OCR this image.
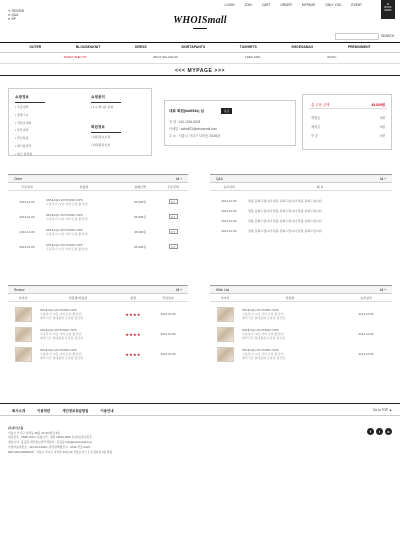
✎ REVIEW
✉ Q&A
♥ VIP
LOGIN	JOIN	CART	ORDER	MYPAGE	ONLY YOU	EVENT	★
BOOK
MARK
WHOISmall
SEARCH
OUTER	BLOUSE&KNIT	DRESS	SKIRT&PANTS	T&SHIRTS	SHOES&BAG	PREMIUMENT
TODAY SHIN TO	BEST SELLER 99	FREE SIZE	BASIC
<<< MYPAGE >>>
쇼핑정보
• 주문내역
• 장바구니
• 적립금내역
• 쿠폰내역
• 관심상품
• 게시물관리
• 최근 본상품
쇼핑문의
• 1:1 게시판 문의
회원정보
• 회원정보수정
• 회원탈퇴신청
대표 회원(tw6f33s) 님	등급
전 화 : 010-1234-5678
이메일 : sdfsdf23@whoismall.com
주 소 : 서울시 가나구 다라동 23-56층
총 주문 금액	45,000원
적립금	0원
예치금	0원
쿠 폰	0장
Order	All +
주문일자	상품명	결제금액	주문상세
2014.10.06	OPHL2(1)-VICTOR1K OPS
프롬폭이 -V랑 아싸 듀얼 활성인!	45,000원	보기
2014.10.06	OPHL2(1)-VICTOR1K OPS
프롬폭이 -V랑 아싸 듀얼 활성인!	45,000원	보기
2014.10.06	OPHL2(1)-VICTOR1K OPS
프롬폭이 -V랑 아싸 듀얼 활성인!	45,000원	보기
2014.10.06	OPHL2(1)-VICTOR1K OPS
프롬폭이 -V랑 아싸 듀얼 활성인!	45,000원	보기
Q&A	All +
등록일자	제 목
2014.10.06	상품 문의드립니다.상품 문의드립니다.상품 문의드립니다.
2014.10.06	상품 문의드립니다.상품 문의드립니다.상품 문의드립니다.
2014.10.06	상품 문의드립니다.상품 문의드립니다.상품 문의드립니다.
2014.10.06	상품 문의드립니다.상품 문의드립니다.상품 문의드립니다.
Review	All +
이미지	상품명/상품평	평점	작성일자
OPHL2(1)-VICTOR1K OPS
프롬폭이 -V랑 아싸 듀얼 활성인!
제작기간 절대불변 유골탐 될것임
★★★★	2014.10.06
OPHL2(1)-VICTOR1K OPS
프롬폭이 -V랑 아싸 듀얼 활성인!
제작기간 절대불변 유골탐 될것임
★★★★	2014.10.06
OPHL2(1)-VICTOR1K OPS
프롬폭이 -V랑 아싸 듀얼 활성인!
제작기간 절대불변 유골탐 될것임
★★★★	2014.10.06
Wish List	All +
이미지	상품명	등록일자
OPHL2(1)-VICTOR1K OPS
프롬폭이 -V랑 아싸 듀얼 활성인!
제작기간 절대불변 유골탐 될것임
2014.10.06
OPHL2(1)-VICTOR1K OPS
프롬폭이 -V랑 아싸 듀얼 활성인!
제작기간 절대불변 유골탐 될것임
2014.10.06
OPHL2(1)-VICTOR1K OPS
프롬폭이 -V랑 아싸 듀얼 활성인!
제작기간 절대불변 유골탐 될것임
2014.10.06
회사소개	이용약관	개인정보취급방침	이용안내	Go to TOP ▲
(주)후이즈몰
서울시 가나구 다라동 38길 10 OO빌딩 3층
대표번호 : 1588-1234 / 운영시간 : 평일 10AM~5PM 토/일/공휴일휴무
대표이사 : 홍길동 개인정보관리책임자 : 홍길동 help@whoismall.com
사업자등록번호 : 123-45-12345 / 통신판매업신고 : 2014-서울-0123
RETURN ADDRESS : 서울시 가나구 다라동 23길 20 서울로지스 소포집하장 2층 반품
f	t	b
